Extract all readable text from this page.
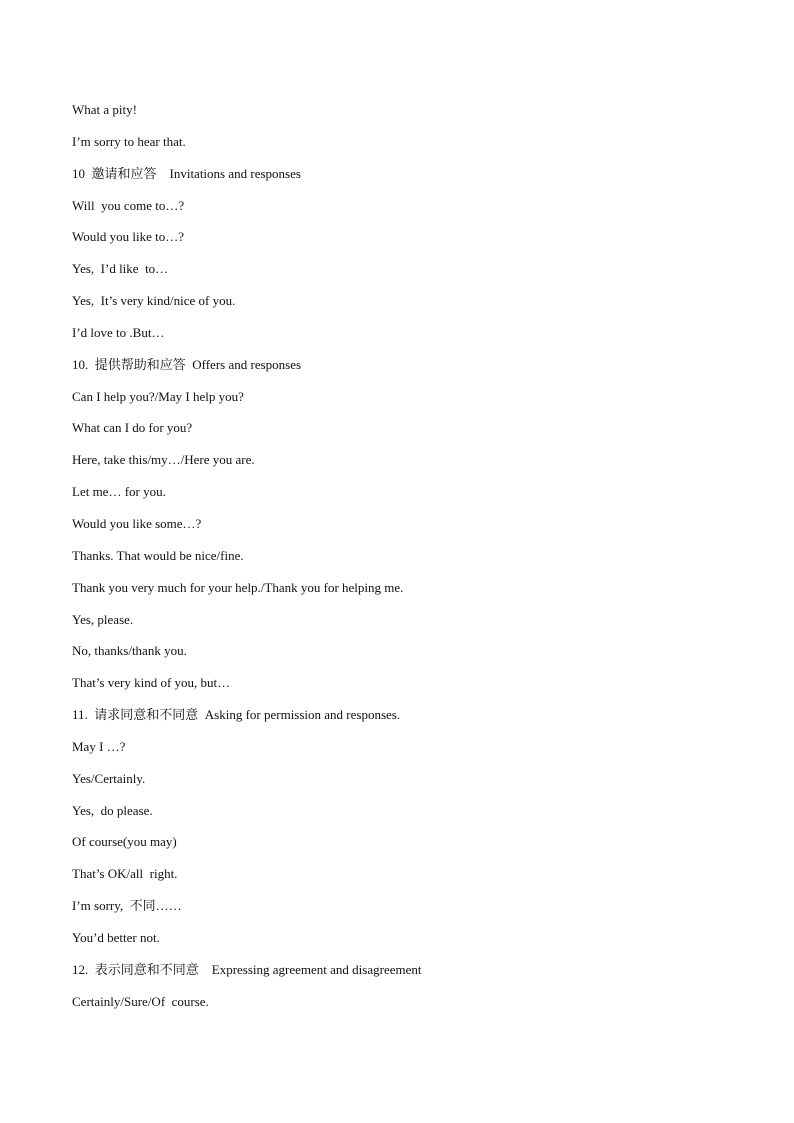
What a pity!
I’m sorry to hear that.
10  邀请和应答    Invitations and responses
Will  you come to…?
Would you like to…?
Yes,  I’d like  to…
Yes,  It’s very kind/nice of you.
I’d love to .But…
10.  提供帮助和应答  Offers and responses
Can I help you?/May I help you?
What can I do for you?
Here, take this/my…/Here you are.
Let me… for you.
Would you like some…?
Thanks. That would be nice/fine.
Thank you very much for your help./Thank you for helping me.
Yes, please.
No, thanks/thank you.
That’s very kind of you, but…
11.  请求同意和不同意  Asking for permission and responses.
May I …?
Yes/Certainly.
Yes,  do please.
Of course(you may)
That’s OK/all  right.
I’m sorry,  不同……
You’d better not.
12.  表示同意和不同意    Expressing agreement and disagreement
Certainly/Sure/Of  course.
